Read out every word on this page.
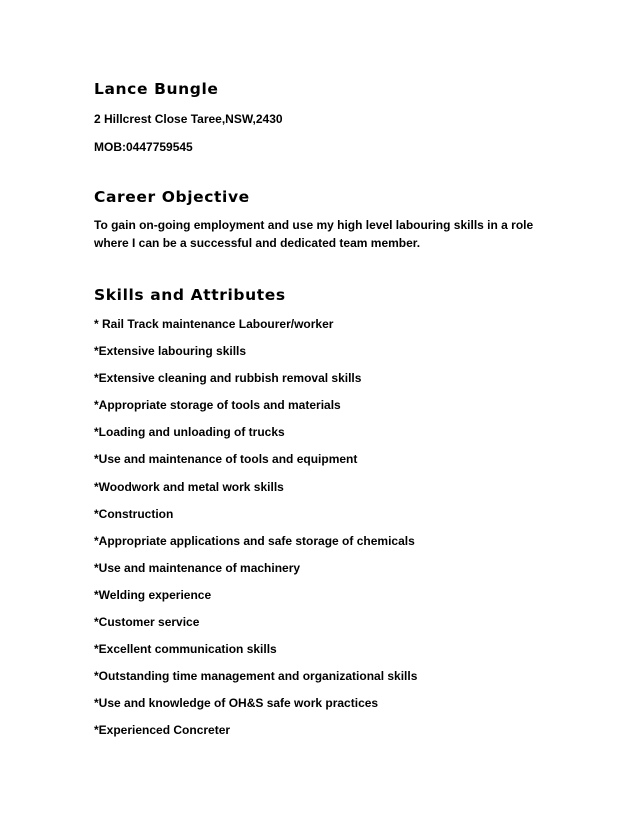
Lance Bungle

2 Hillcrest Close Taree,NSW,2430

MOB:0447759545

Career Objective

To gain on-going employment and use my high level labouring skills in a role where I can be a successful and dedicated team member.

Skills and Attributes
* Rail Track maintenance Labourer/worker
*Extensive labouring skills
*Extensive cleaning and rubbish removal skills
*Appropriate storage of tools and materials
*Loading and unloading of trucks
*Use and maintenance of tools and equipment
*Woodwork and metal work skills
*Construction
*Appropriate applications and safe storage of chemicals
*Use and maintenance of machinery
*Welding experience
*Customer service
*Excellent communication skills
*Outstanding time management and organizational skills
*Use and knowledge of OH&S safe work practices
*Experienced Concreter
